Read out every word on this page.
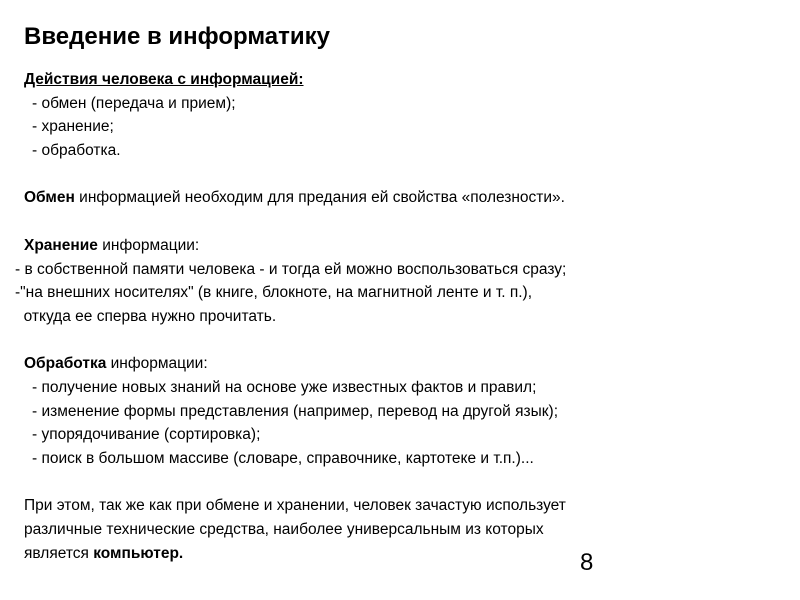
Введение в информатику
Действия человека с информацией:
- обмен (передача и прием);
- хранение;
- обработка.
Обмен информацией необходим для предания ей свойства «полезности».
Хранение информации:
- в собственной памяти человека - и тогда ей можно воспользоваться сразу;
-"на внешних носителях" (в книге, блокноте, на магнитной ленте и т. п.),
откуда ее сперва нужно прочитать.
Обработка информации:
- получение новых знаний на основе уже известных фактов и правил;
- изменение формы представления (например, перевод на другой язык);
- упорядочивание (сортировка);
- поиск в большом массиве (словаре, справочнике, картотеке и т.п.)...
При этом, так же как при обмене и хранении, человек зачастую использует
различные технические средства, наиболее универсальным из которых
является компьютер.	8
